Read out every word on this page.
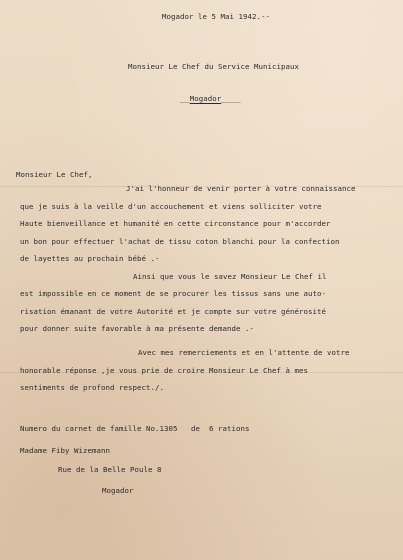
Mogador le 5 Mai 1942.--
Monsieur Le Chef du Service Municipaux
__Mogador____
Monsieur Le Chef,
J'ai l'honneur de venir porter à votre connaissance
que je suis à la veille d'un accouchement et viens solliciter votre
Haute bienveillance et humanité en cette circonstance pour m'accorder
un bon pour effectuer l'achat de tissu coton blanchi pour la confection
de layettes au prochain bébé .-
Ainsi que vous le savez Monsieur Le Chef il
est impossible en ce moment de se procurer les tissus sans une auto-
risation émanant de votre Autorité et je compte sur votre générosité
pour donner suite favorable à ma présente demande .-
Avec mes remerciements et en l'attente de votre
honorable réponse ,je vous prie de croire Monsieur Le Chef à mes
sentiments de profond respect./.
Numero du carnet de famille No.1305   de  6 rations
Madame Fiby Wizemann
Rue de la Belle Poule 8
Mogador
